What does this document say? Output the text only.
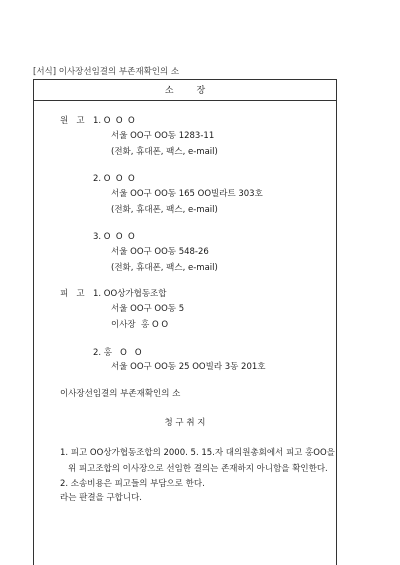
[서식] 이사장선임결의 부존재확인의 소
소        장
원   고 1. O  O  O
서울 OO구 OO동 1283-11
(전화, 휴대폰, 팩스, e-mail)
2. O  O  O
서울 OO구 OO동 165 OO빌라트 303호
(전화, 휴대폰, 팩스, e-mail)
3. O  O  O
서울 OO구 OO동 548-26
(전화, 휴대폰, 팩스, e-mail)
피   고 1. OO상가협동조합
서울 OO구 OO동 5
이사장  홍 O O
2. 홍   O   O
서울 OO구 OO동 25 OO빌라 3동 201호
이사장선임결의 부존재확인의 소
청 구 취 지
1. 피고 OO상가협동조합의 2000. 5. 15.자 대의원총회에서 피고 홍OO을
위 피고조합의 이사장으로 선임한 결의는 존재하지 아니함을 확인한다.
2. 소송비용은 피고들의 부담으로 한다.
라는 판결을 구합니다.
